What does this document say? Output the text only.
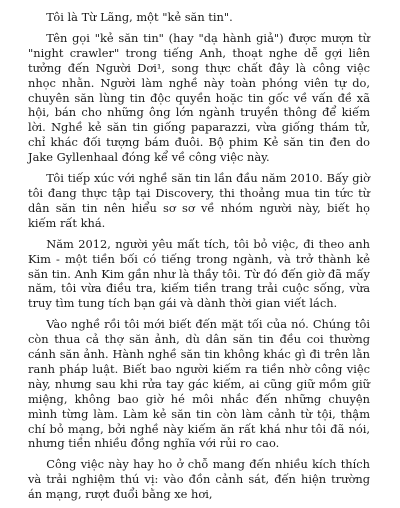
Tôi là Từ Lãng, một "kẻ săn tin".

Tên gọi "kẻ săn tin" (hay "dạ hành giả") được mượn từ "night crawler" trong tiếng Anh, thoạt nghe dễ gợi liên tưởng đến Người Dơi¹, song thực chất đây là công việc nhọc nhằn. Người làm nghề này toàn phóng viên tự do, chuyên săn lùng tin độc quyền hoặc tin gốc về vấn đề xã hội, bán cho những ông lớn ngành truyền thông để kiếm lời. Nghề kẻ săn tin giống paparazzi, vừa giống thám tử, chỉ khác đối tượng bám đuôi. Bộ phim Kẻ săn tin đen do Jake Gyllenhaal đóng kể về công việc này.

Tôi tiếp xúc với nghề săn tin lần đầu năm 2010. Bấy giờ tôi đang thực tập tại Discovery, thi thoảng mua tin tức từ dân săn tin nên hiểu sơ sơ về nhóm người này, biết họ kiếm rất khá.

Năm 2012, người yêu mất tích, tôi bỏ việc, đi theo anh Kim - một tiền bối có tiếng trong ngành, và trở thành kẻ săn tin. Anh Kim gần như là thầy tôi. Từ đó đến giờ đã mấy năm, tôi vừa điều tra, kiếm tiền trang trải cuộc sống, vừa truy tìm tung tích bạn gái và dành thời gian viết lách.

Vào nghề rồi tôi mới biết đến mặt tối của nó. Chúng tôi còn thua cả thợ săn ảnh, dù dân săn tin đều coi thường cánh săn ảnh. Hành nghề săn tin không khác gì đi trên lằn ranh pháp luật. Biết bao người kiếm ra tiền nhờ công việc này, nhưng sau khi rửa tay gác kiếm, ai cũng giữ mồm giữ miệng, không bao giờ hé môi nhắc đến những chuyện mình từng làm. Làm kẻ săn tin còn làm cảnh từ tội, thậm chí bỏ mạng, bởi nghề này kiếm ăn rất khá như tôi đã nói, nhưng tiền nhiều đồng nghĩa với rủi ro cao.

Công việc này hay ho ở chỗ mang đến nhiều kích thích và trải nghiệm thú vị: vào đồn cảnh sát, đến hiện trường án mạng, rượt đuổi bằng xe hơi,
